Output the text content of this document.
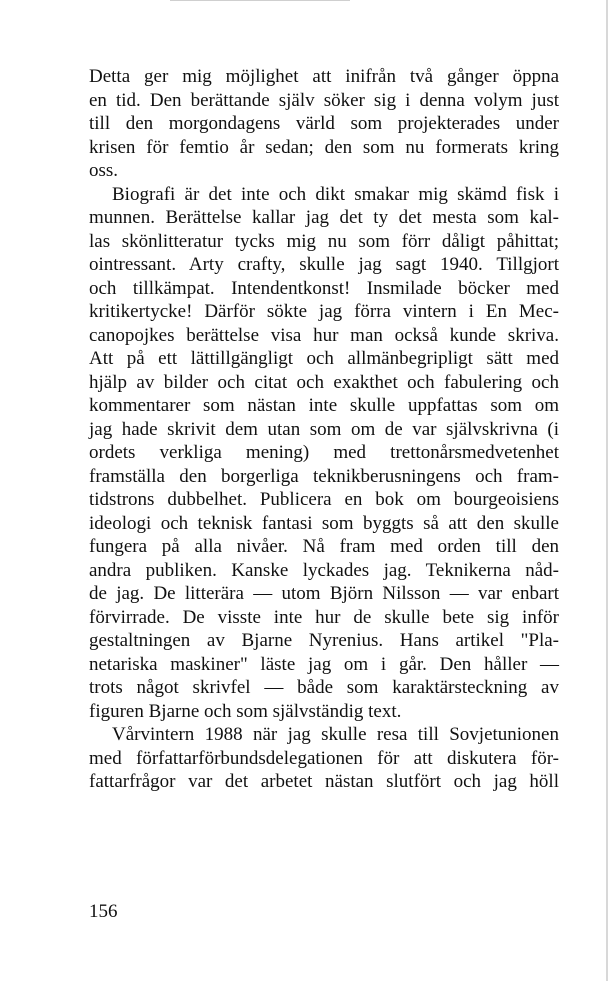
Detta ger mig möjlighet att inifrån två gånger öppna
en tid. Den berättande själv söker sig i denna volym just
till den morgondagens värld som projekterades under
krisen för femtio år sedan; den som nu formerats kring
oss.
Biografi är det inte och dikt smakar mig skämd fisk i
munnen. Berättelse kallar jag det ty det mesta som kal-
las skönlitteratur tycks mig nu som förr dåligt påhittat;
ointressant. Arty crafty, skulle jag sagt 1940. Tillgjort
och tillkämpat. Intendentkonst! Insmilade böcker med
kritikertycke! Därför sökte jag förra vintern i En Mec-
canopojkes berättelse visa hur man också kunde skriva.
Att på ett lättillgängligt och allmänbegripligt sätt med
hjälp av bilder och citat och exakthet och fabulering och
kommentarer som nästan inte skulle uppfattas som om
jag hade skrivit dem utan som om de var självskrivna (i
ordets verkliga mening) med trettonårsmedvetenhet
framställa den borgerliga teknikberusningens och fram-
tidstrons dubbelhet. Publicera en bok om bourgeoisiens
ideologi och teknisk fantasi som byggts så att den skulle
fungera på alla nivåer. Nå fram med orden till den
andra publiken. Kanske lyckades jag. Teknikerna nåd-
de jag. De litterära — utom Björn Nilsson — var enbart
förvirrade. De visste inte hur de skulle bete sig inför
gestaltningen av Bjarne Nyrenius. Hans artikel "Pla-
netariska maskiner" läste jag om i går. Den håller —
trots något skrivfel — både som karaktärsteckning av
figuren Bjarne och som självständig text.
Vårvintern 1988 när jag skulle resa till Sovjetunionen
med författarförbundsdelegationen för att diskutera för-
fattarfrågor var det arbetet nästan slutfört och jag höll
156
